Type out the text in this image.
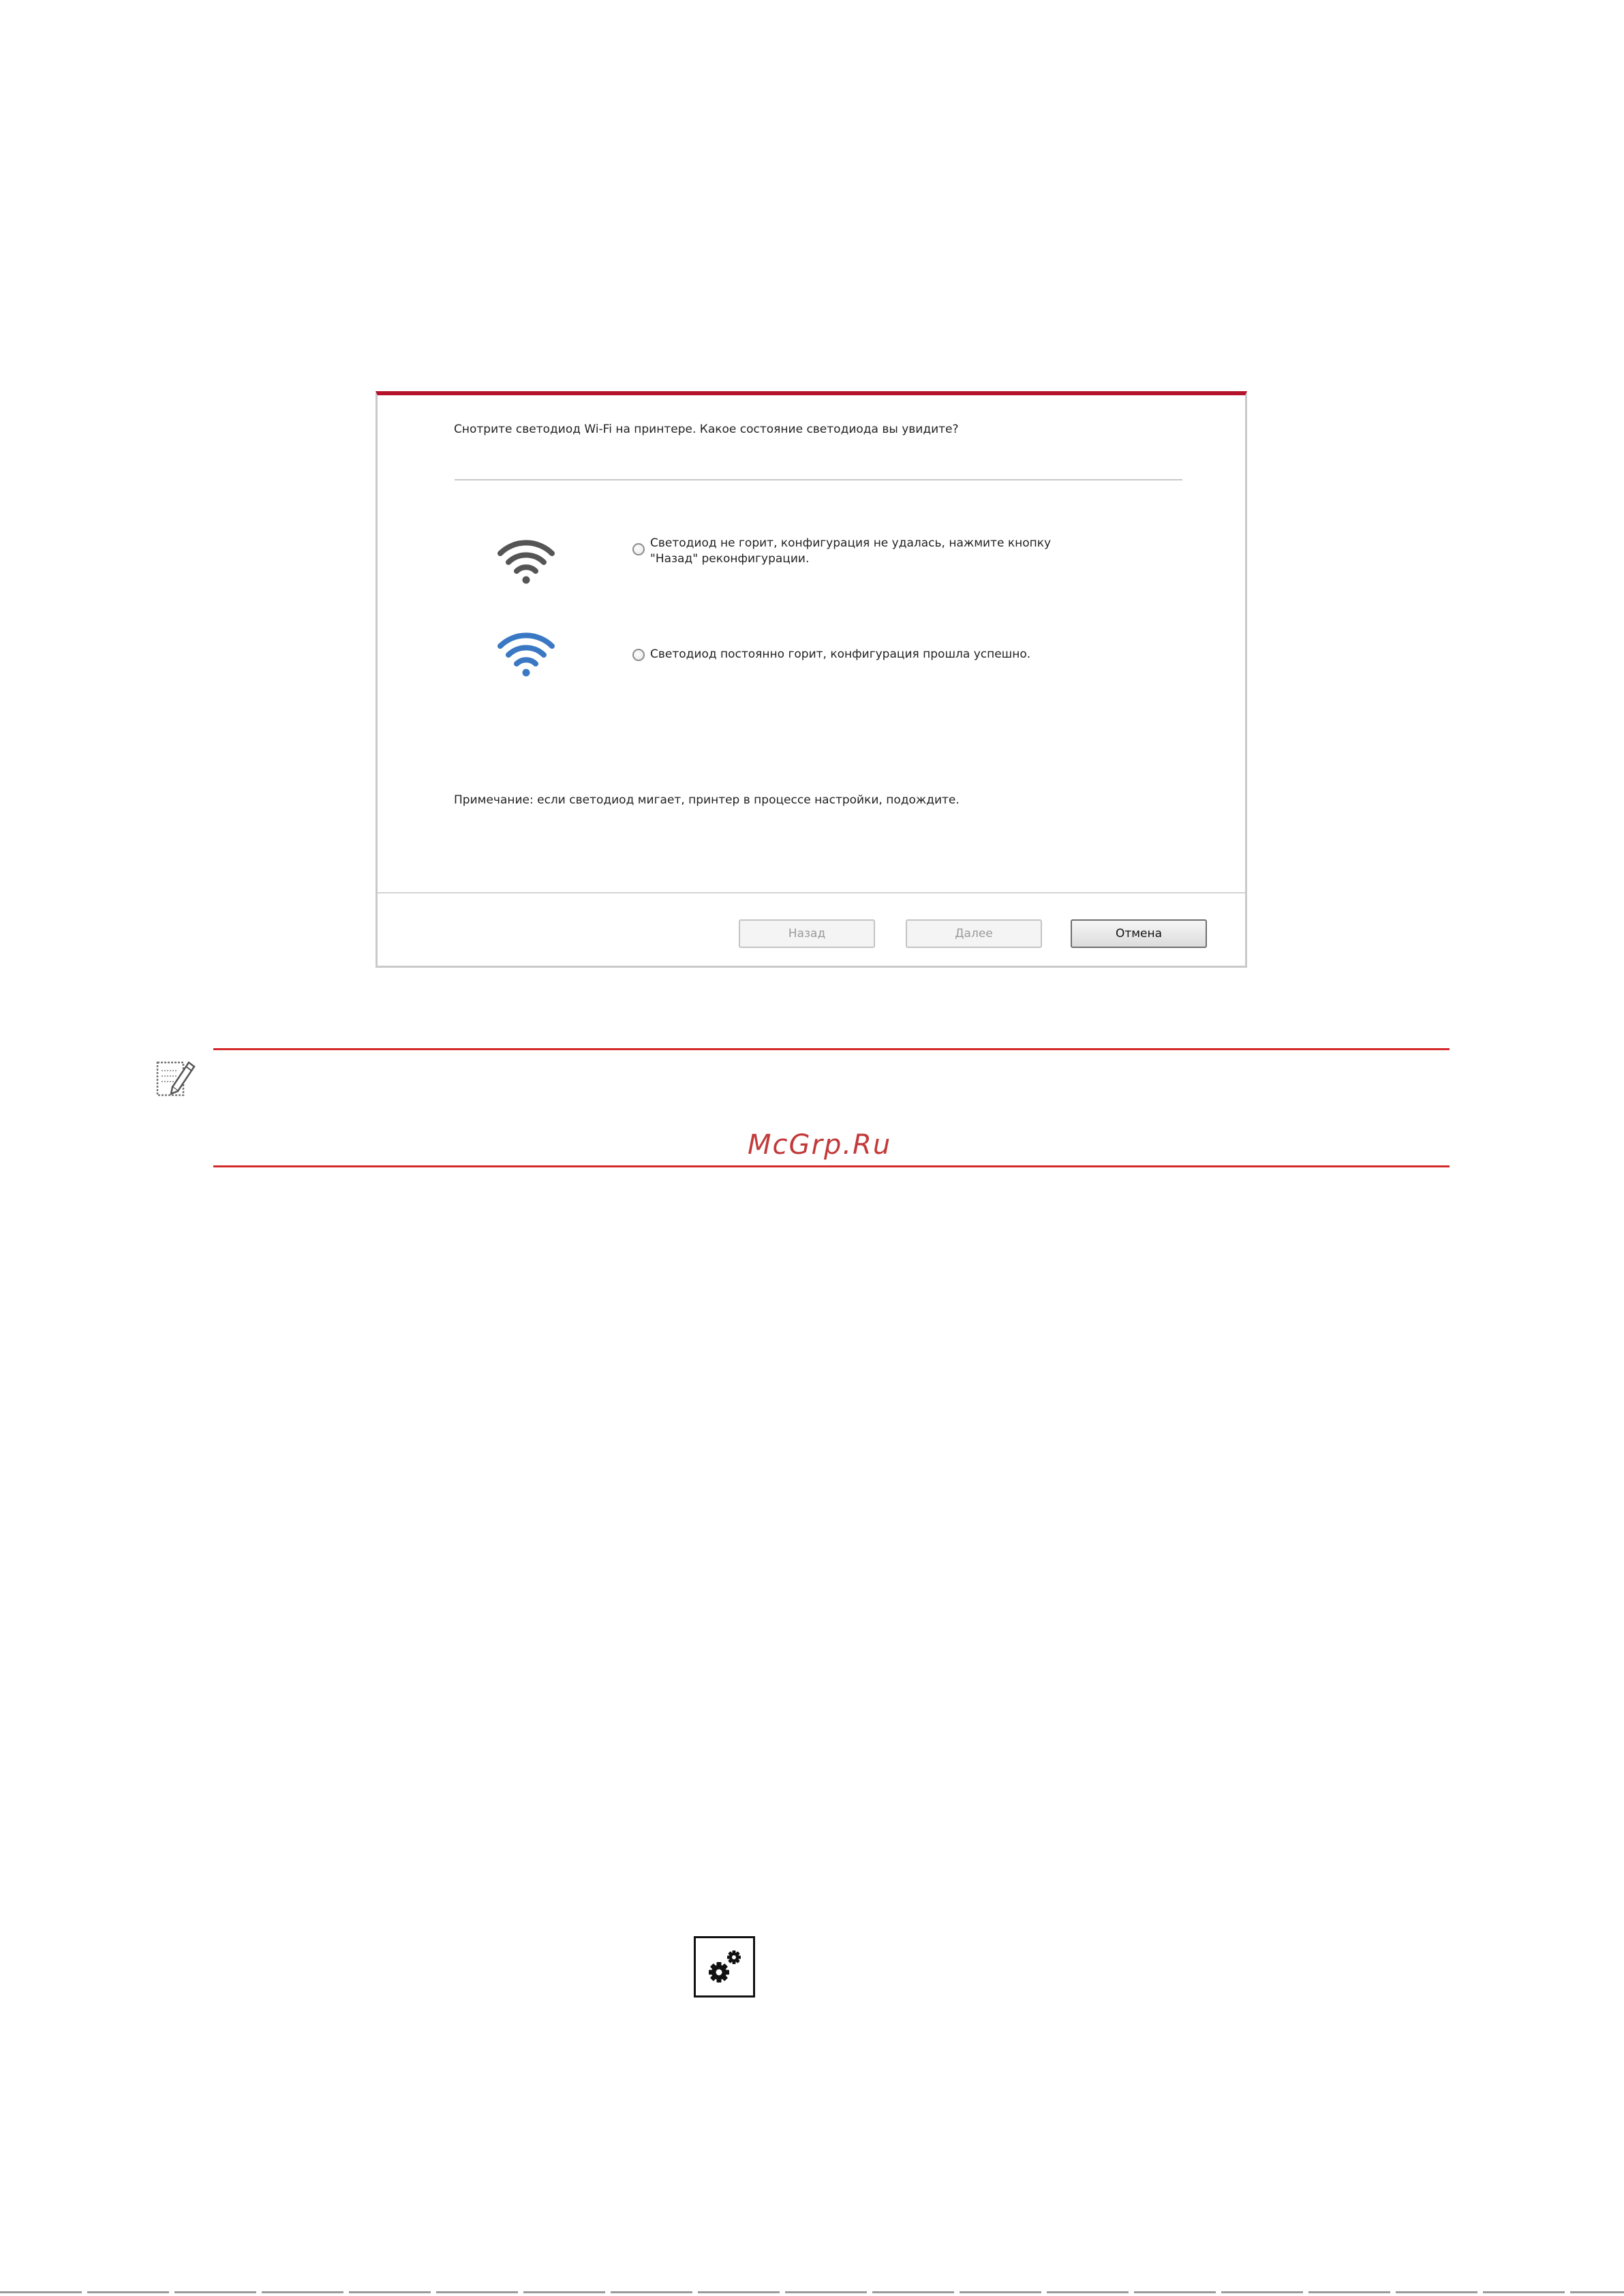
Снотрите светодиод Wi-Fi на принтере. Какое состояние светодиода вы увидите?
Светодиод не горит, конфигурация не удалась, нажмите кнопку
"Назад" реконфигурации.
Светодиод постоянно горит, конфигурация прошла успешно.
Примечание: если светодиод мигает, принтер в процессе настройки, подождите.
Назад	Далее	Отмена
McGrp.Ru
